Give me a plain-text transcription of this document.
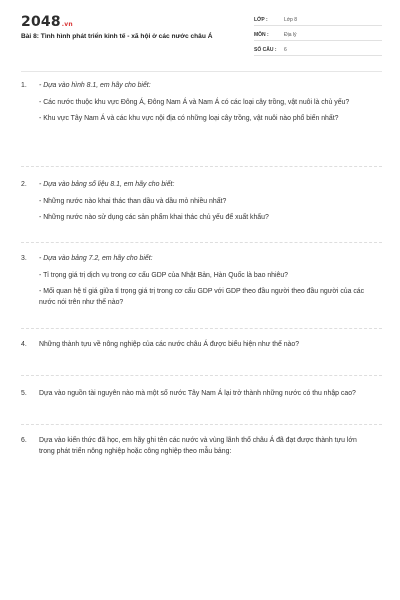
2048.vn
Bài 8: Tình hình phát triển kinh tế - xã hội ở các nước châu Á
LỚP :	Lớp 8
MÔN :	Địa lý
SỐ CÂU : 6
1.	- Dựa vào hình 8.1, em hãy cho biết:
- Các nước thuộc khu vực Đông Á, Đông Nam Á và Nam Á có các loại cây trồng, vật nuôi là chủ yếu?
- Khu vực Tây Nam Á và các khu vực nội địa có những loại cây trồng, vật nuôi nào phổ biến nhất?
2.	- Dựa vào bảng số liệu 8.1, em hãy cho biết:
- Những nước nào khai thác than dầu và dầu mỏ nhiều nhất?
- Những nước nào sử dụng các sản phẩm khai thác chủ yếu để xuất khẩu?
3.	- Dựa vào bảng 7.2, em hãy cho biết:
- Tỉ trọng giá trị dịch vụ trong cơ cấu GDP của Nhật Bản, Hàn Quốc là bao nhiêu?
- Mối quan hệ tỉ giá giữa tỉ trọng giá trị trong cơ cấu GDP với GDP theo đầu người theo đầu người của các nước nói trên như thế nào?
4.	Những thành tựu về nông nghiệp của các nước châu Á được biểu hiện như thế nào?
5.	Dựa vào nguồn tài nguyên nào mà một số nước Tây Nam Á lại trở thành những nước có thu nhập cao?
6.	Dựa vào kiến thức đã học, em hãy ghi tên các nước và vùng lãnh thổ châu Á đã đạt được thành tựu lớn trong phát triển nông nghiệp hoặc công nghiệp theo mẫu bảng:
